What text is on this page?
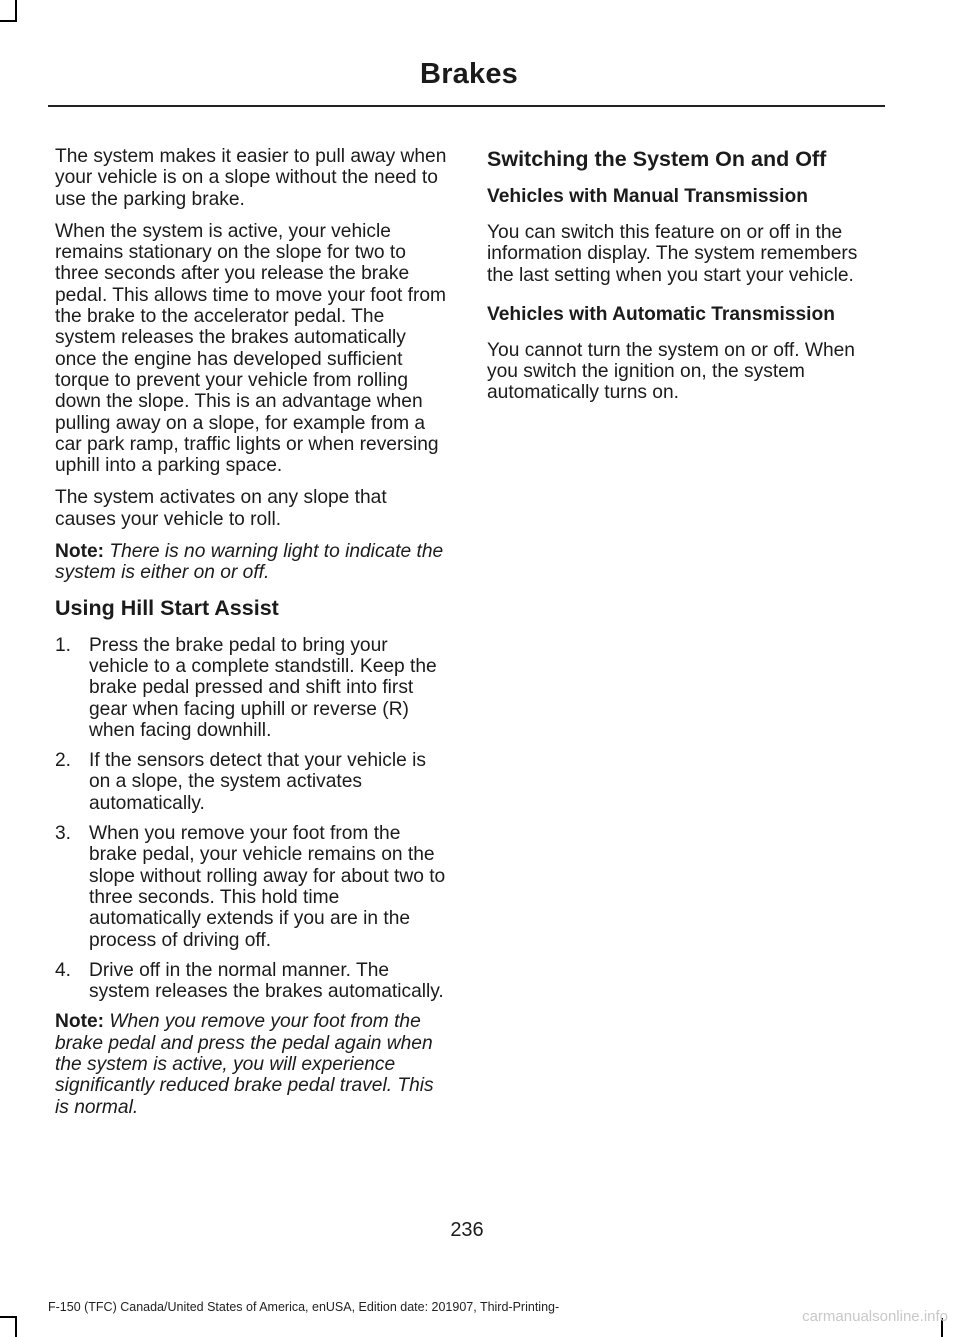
Brakes

The system makes it easier to pull away when your vehicle is on a slope without the need to use the parking brake.

When the system is active, your vehicle remains stationary on the slope for two to three seconds after you release the brake pedal. This allows time to move your foot from the brake to the accelerator pedal. The system releases the brakes automatically once the engine has developed sufficient torque to prevent your vehicle from rolling down the slope. This is an advantage when pulling away on a slope, for example from a car park ramp, traffic lights or when reversing uphill into a parking space.

The system activates on any slope that causes your vehicle to roll.

Note: There is no warning light to indicate the system is either on or off.

Using Hill Start Assist
1. Press the brake pedal to bring your vehicle to a complete standstill. Keep the brake pedal pressed and shift into first gear when facing uphill or reverse (R) when facing downhill.
2. If the sensors detect that your vehicle is on a slope, the system activates automatically.
3. When you remove your foot from the brake pedal, your vehicle remains on the slope without rolling away for about two to three seconds. This hold time automatically extends if you are in the process of driving off.
4. Drive off in the normal manner. The system releases the brakes automatically.

Note: When you remove your foot from the brake pedal and press the pedal again when the system is active, you will experience significantly reduced brake pedal travel. This is normal.

Switching the System On and Off
Vehicles with Manual Transmission

You can switch this feature on or off in the information display. The system remembers the last setting when you start your vehicle.

Vehicles with Automatic Transmission

You cannot turn the system on or off. When you switch the ignition on, the system automatically turns on.

236
F-150 (TFC) Canada/United States of America, enUSA, Edition date: 201907, Third-Printing-
carmanualsonline.info
